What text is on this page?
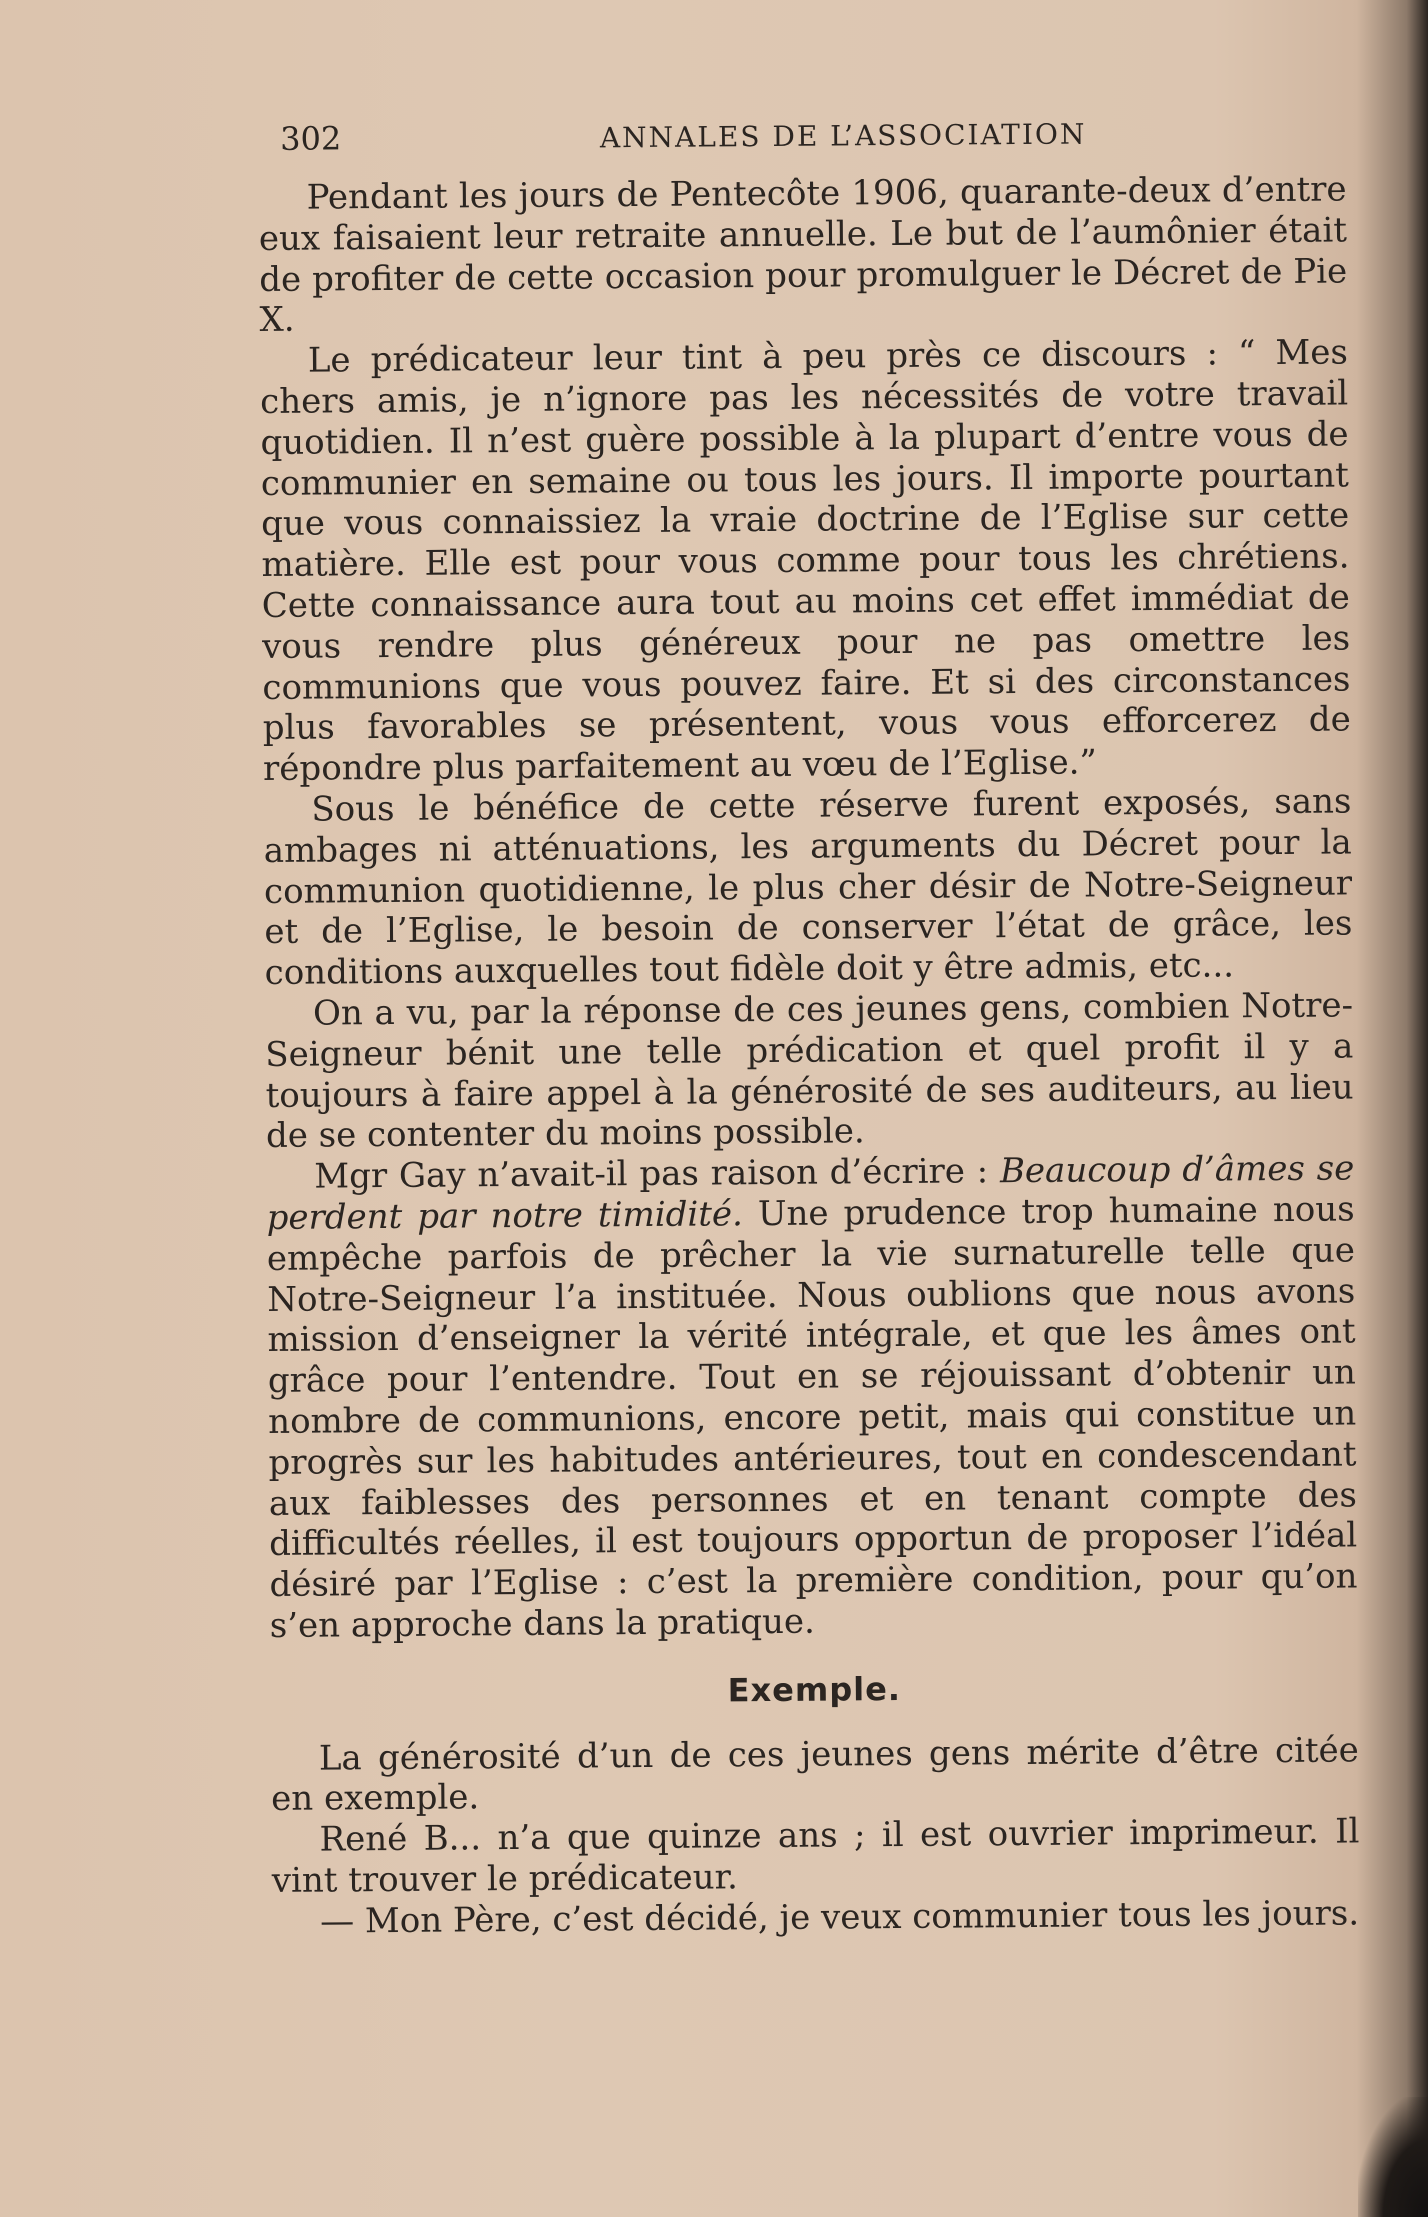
302	ANNALES DE L’ASSOCIATION

Pendant les jours de Pentecôte 1906, quarante-deux d’entre eux faisaient leur retraite annuelle. Le but de l’aumônier était de profiter de cette occasion pour promulguer le Décret de Pie X.

Le prédicateur leur tint à peu près ce discours : “ Mes chers amis, je n’ignore pas les nécessités de votre travail quotidien. Il n’est guère possible à la plupart d’entre vous de communier en semaine ou tous les jours. Il importe pourtant que vous connaissiez la vraie doctrine de l’Eglise sur cette matière. Elle est pour vous comme pour tous les chrétiens. Cette connaissance aura tout au moins cet effet immédiat de vous rendre plus généreux pour ne pas omettre les communions que vous pouvez faire. Et si des circonstances plus favorables se présentent, vous vous efforcerez de répondre plus parfaitement au vœu de l’Eglise.”

Sous le bénéfice de cette réserve furent exposés, sans ambages ni atténuations, les arguments du Décret pour la communion quotidienne, le plus cher désir de Notre-Seigneur et de l’Eglise, le besoin de conserver l’état de grâce, les conditions auxquelles tout fidèle doit y être admis, etc...

On a vu, par la réponse de ces jeunes gens, combien Notre-Seigneur bénit une telle prédication et quel profit il y a toujours à faire appel à la générosité de ses auditeurs, au lieu de se contenter du moins possible.

Mgr Gay n’avait-il pas raison d’écrire : Beaucoup d’âmes se perdent par notre timidité. Une prudence trop humaine nous empêche parfois de prêcher la vie surnaturelle telle que Notre-Seigneur l’a instituée. Nous oublions que nous avons mission d’enseigner la vérité intégrale, et que les âmes ont grâce pour l’entendre. Tout en se réjouissant d’obtenir un nombre de communions, encore petit, mais qui constitue un progrès sur les habitudes antérieures, tout en condescendant aux faiblesses des personnes et en tenant compte des difficultés réelles, il est toujours opportun de proposer l’idéal désiré par l’Eglise : c’est la première condition, pour qu’on s’en approche dans la pratique.

Exemple.

La générosité d’un de ces jeunes gens mérite d’être citée en exemple.

René B... n’a que quinze ans ; il est ouvrier imprimeur. Il vint trouver le prédicateur.

— Mon Père, c’est décidé, je veux communier tous les jours.
